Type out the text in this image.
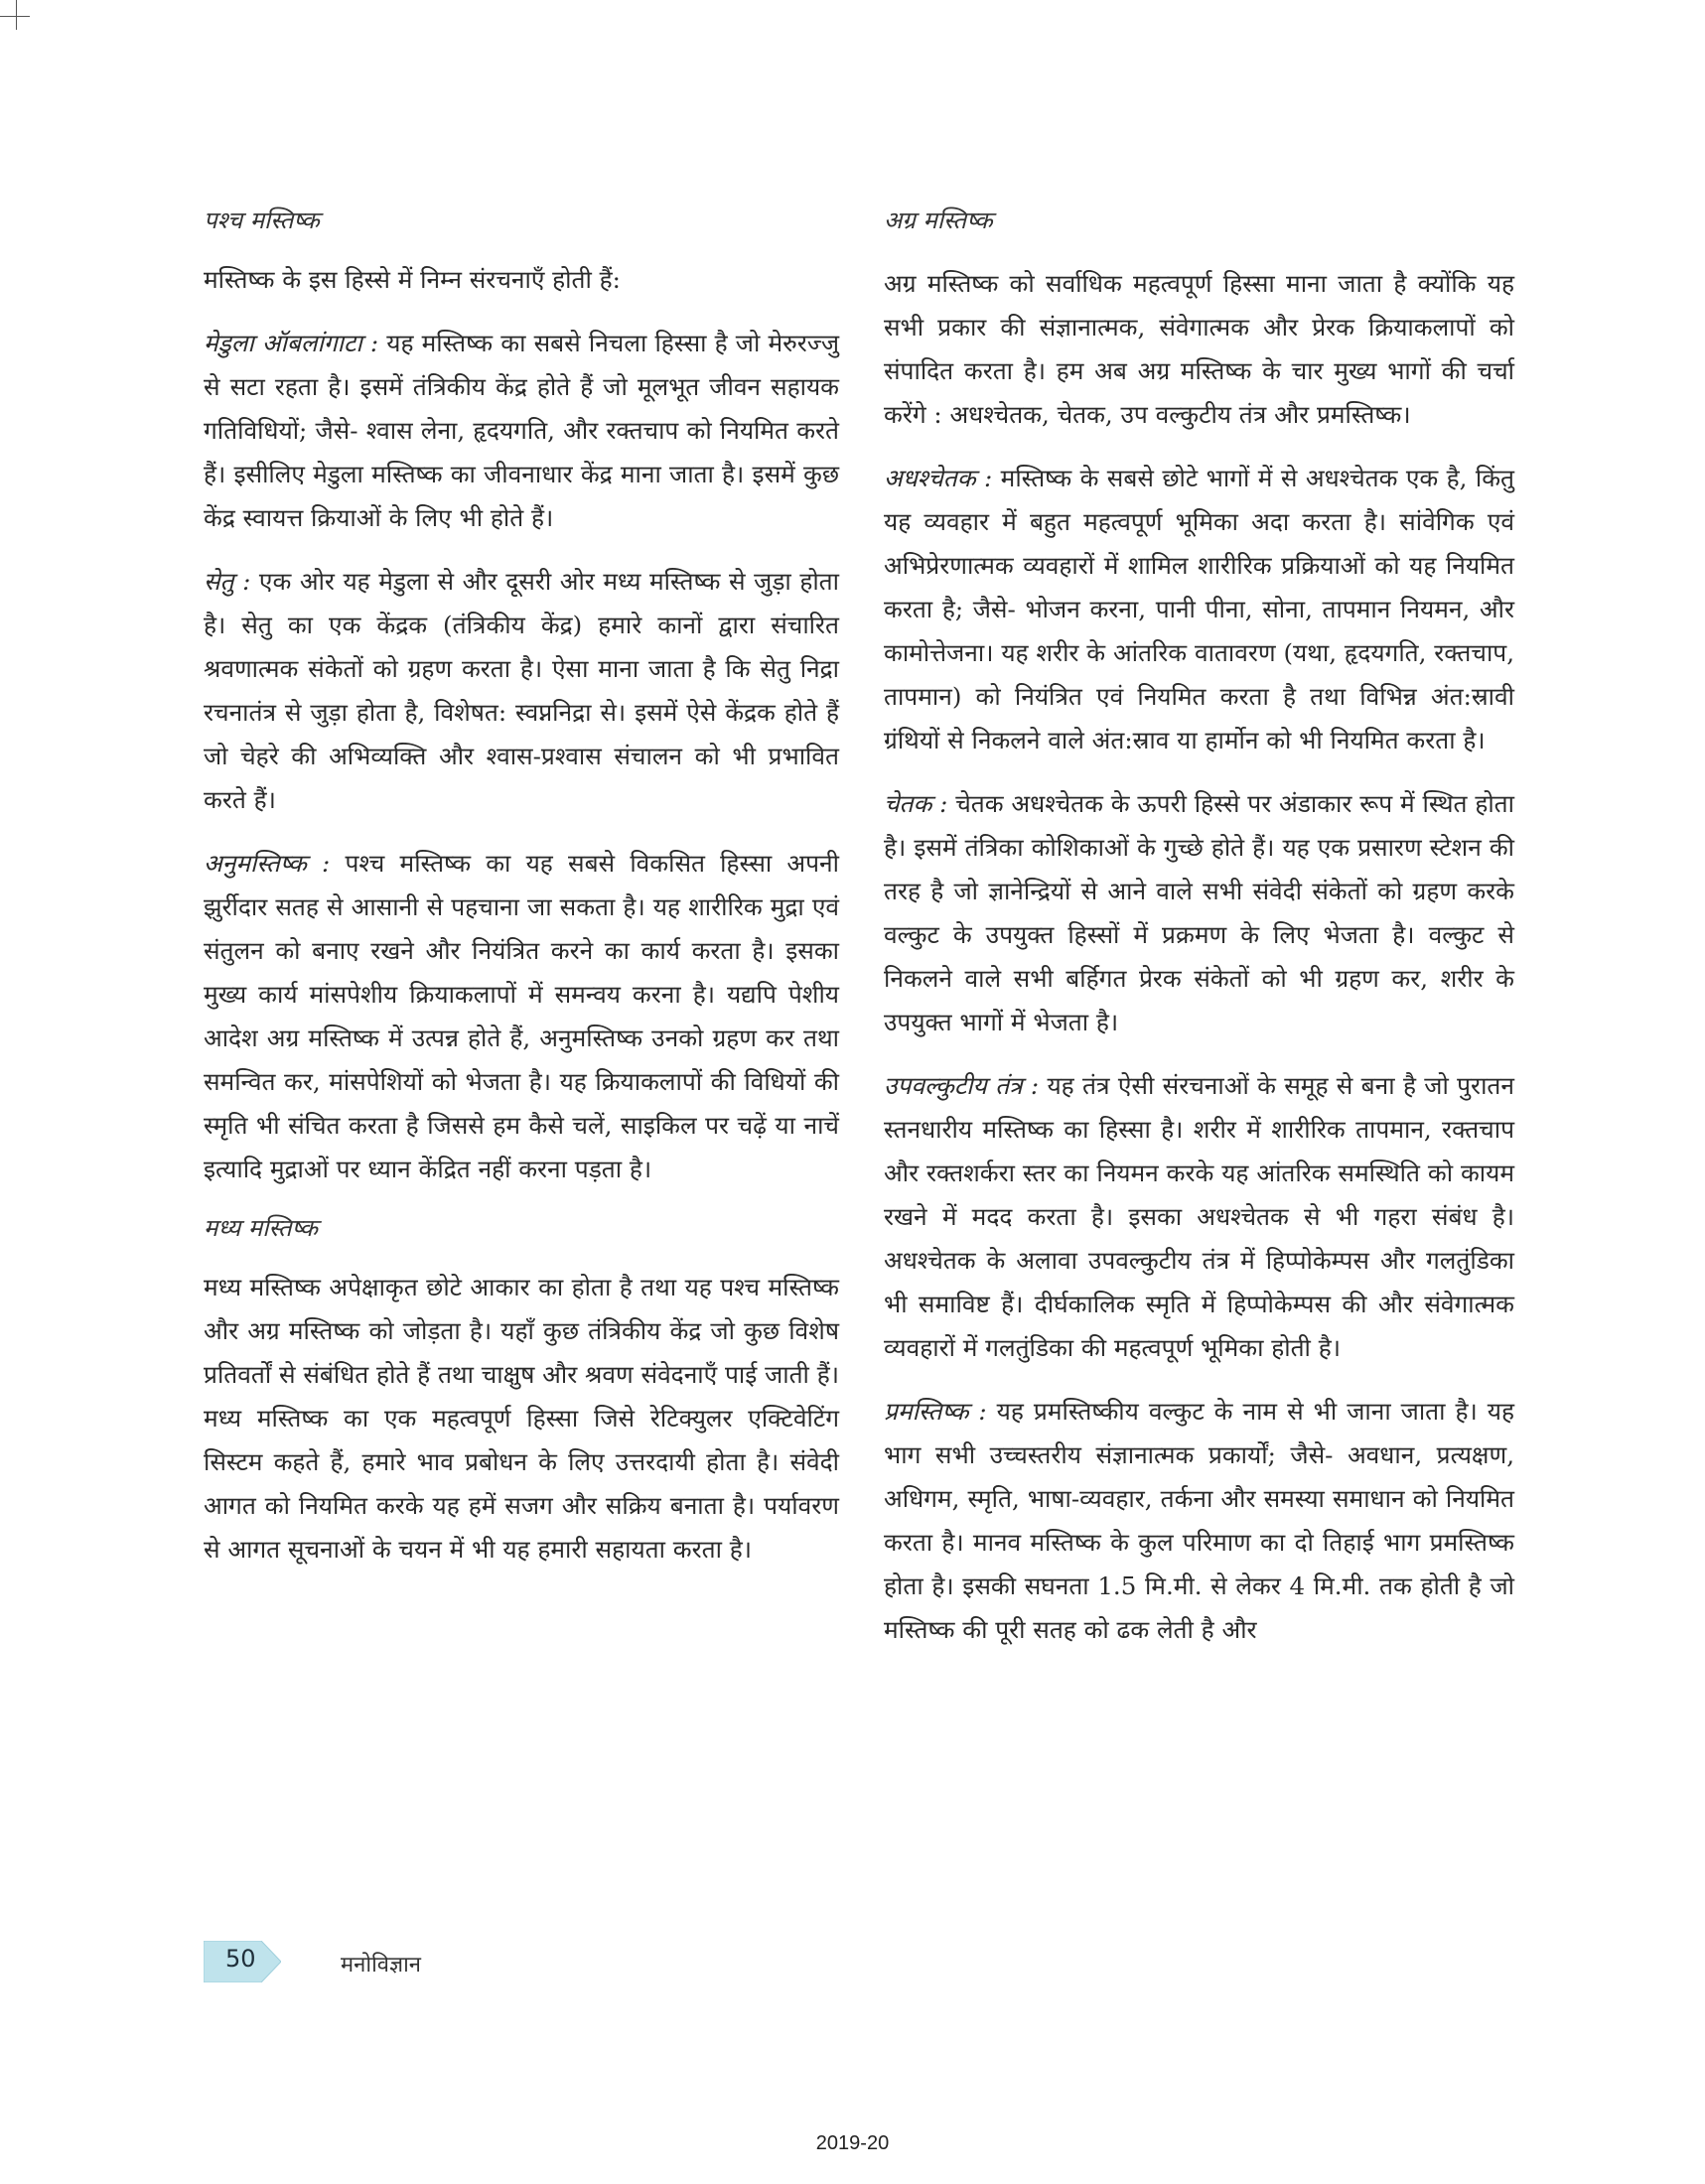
पश्च मस्तिष्क

मस्तिष्क के इस हिस्से में निम्न संरचनाएँ होती हैं:

मेडुला ऑबलांगाटा : यह मस्तिष्क का सबसे निचला हिस्सा है जो मेरुरज्जु से सटा रहता है। इसमें तंत्रिकीय केंद्र होते हैं जो मूलभूत जीवन सहायक गतिविधियों; जैसे- श्वास लेना, हृदयगति, और रक्तचाप को नियमित करते हैं। इसीलिए मेडुला मस्तिष्क का जीवनाधार केंद्र माना जाता है। इसमें कुछ केंद्र स्वायत्त क्रियाओं के लिए भी होते हैं।

सेतु : एक ओर यह मेडुला से और दूसरी ओर मध्य मस्तिष्क से जुड़ा होता है। सेतु का एक केंद्रक (तंत्रिकीय केंद्र) हमारे कानों द्वारा संचारित श्रवणात्मक संकेतों को ग्रहण करता है। ऐसा माना जाता है कि सेतु निद्रा रचनातंत्र से जुड़ा होता है, विशेषत: स्वप्ननिद्रा से। इसमें ऐसे केंद्रक होते हैं जो चेहरे की अभिव्यक्ति और श्वास-प्रश्वास संचालन को भी प्रभावित करते हैं।

अनुमस्तिष्क : पश्च मस्तिष्क का यह सबसे विकसित हिस्सा अपनी झुर्रीदार सतह से आसानी से पहचाना जा सकता है। यह शारीरिक मुद्रा एवं संतुलन को बनाए रखने और नियंत्रित करने का कार्य करता है। इसका मुख्य कार्य मांसपेशीय क्रियाकलापों में समन्वय करना है। यद्यपि पेशीय आदेश अग्र मस्तिष्क में उत्पन्न होते हैं, अनुमस्तिष्क उनको ग्रहण कर तथा समन्वित कर, मांसपेशियों को भेजता है। यह क्रियाकलापों की विधियों की स्मृति भी संचित करता है जिससे हम कैसे चलें, साइकिल पर चढ़ें या नाचें इत्यादि मुद्राओं पर ध्यान केंद्रित नहीं करना पड़ता है।

मध्य मस्तिष्क

मध्य मस्तिष्क अपेक्षाकृत छोटे आकार का होता है तथा यह पश्च मस्तिष्क और अग्र मस्तिष्क को जोड़ता है। यहाँ कुछ तंत्रिकीय केंद्र जो कुछ विशेष प्रतिवर्तों से संबंधित होते हैं तथा चाक्षुष और श्रवण संवेदनाएँ पाई जाती हैं। मध्य मस्तिष्क का एक महत्वपूर्ण हिस्सा जिसे रेटिक्युलर एक्टिवेटिंग सिस्टम कहते हैं, हमारे भाव प्रबोधन के लिए उत्तरदायी होता है। संवेदी आगत को नियमित करके यह हमें सजग और सक्रिय बनाता है। पर्यावरण से आगत सूचनाओं के चयन में भी यह हमारी सहायता करता है।

अग्र मस्तिष्क

अग्र मस्तिष्क को सर्वाधिक महत्वपूर्ण हिस्सा माना जाता है क्योंकि यह सभी प्रकार की संज्ञानात्मक, संवेगात्मक और प्रेरक क्रियाकलापों को संपादित करता है। हम अब अग्र मस्तिष्क के चार मुख्य भागों की चर्चा करेंगे : अधश्चेतक, चेतक, उप वल्कुटीय तंत्र और प्रमस्तिष्क।

अधश्चेतक : मस्तिष्क के सबसे छोटे भागों में से अधश्चेतक एक है, किंतु यह व्यवहार में बहुत महत्वपूर्ण भूमिका अदा करता है। सांवेगिक एवं अभिप्रेरणात्मक व्यवहारों में शामिल शारीरिक प्रक्रियाओं को यह नियमित करता है; जैसे- भोजन करना, पानी पीना, सोना, तापमान नियमन, और कामोत्तेजना। यह शरीर के आंतरिक वातावरण (यथा, हृदयगति, रक्तचाप, तापमान) को नियंत्रित एवं नियमित करता है तथा विभिन्न अंत:स्रावी ग्रंथियों से निकलने वाले अंत:स्राव या हार्मोन को भी नियमित करता है।

चेतक : चेतक अधश्चेतक के ऊपरी हिस्से पर अंडाकार रूप में स्थित होता है। इसमें तंत्रिका कोशिकाओं के गुच्छे होते हैं। यह एक प्रसारण स्टेशन की तरह है जो ज्ञानेन्द्रियों से आने वाले सभी संवेदी संकेतों को ग्रहण करके वल्कुट के उपयुक्त हिस्सों में प्रक्रमण के लिए भेजता है। वल्कुट से निकलने वाले सभी बर्हिगत प्रेरक संकेतों को भी ग्रहण कर, शरीर के उपयुक्त भागों में भेजता है।

उपवल्कुटीय तंत्र : यह तंत्र ऐसी संरचनाओं के समूह से बना है जो पुरातन स्तनधारीय मस्तिष्क का हिस्सा है। शरीर में शारीरिक तापमान, रक्तचाप और रक्तशर्करा स्तर का नियमन करके यह आंतरिक समस्थिति को कायम रखने में मदद करता है। इसका अधश्चेतक से भी गहरा संबंध है। अधश्चेतक के अलावा उपवल्कुटीय तंत्र में हिप्पोकेम्पस और गलतुंडिका भी समाविष्ट हैं। दीर्घकालिक स्मृति में हिप्पोकेम्पस की और संवेगात्मक व्यवहारों में गलतुंडिका की महत्वपूर्ण भूमिका होती है।

प्रमस्तिष्क : यह प्रमस्तिष्कीय वल्कुट के नाम से भी जाना जाता है। यह भाग सभी उच्चस्तरीय संज्ञानात्मक प्रकार्यों; जैसे- अवधान, प्रत्यक्षण, अधिगम, स्मृति, भाषा-व्यवहार, तर्कना और समस्या समाधान को नियमित करता है। मानव मस्तिष्क के कुल परिमाण का दो तिहाई भाग प्रमस्तिष्क होता है। इसकी सघनता 1.5 मि.मी. से लेकर 4 मि.मी. तक होती है जो मस्तिष्क की पूरी सतह को ढक लेती है और

50	मनोविज्ञान
2019-20
